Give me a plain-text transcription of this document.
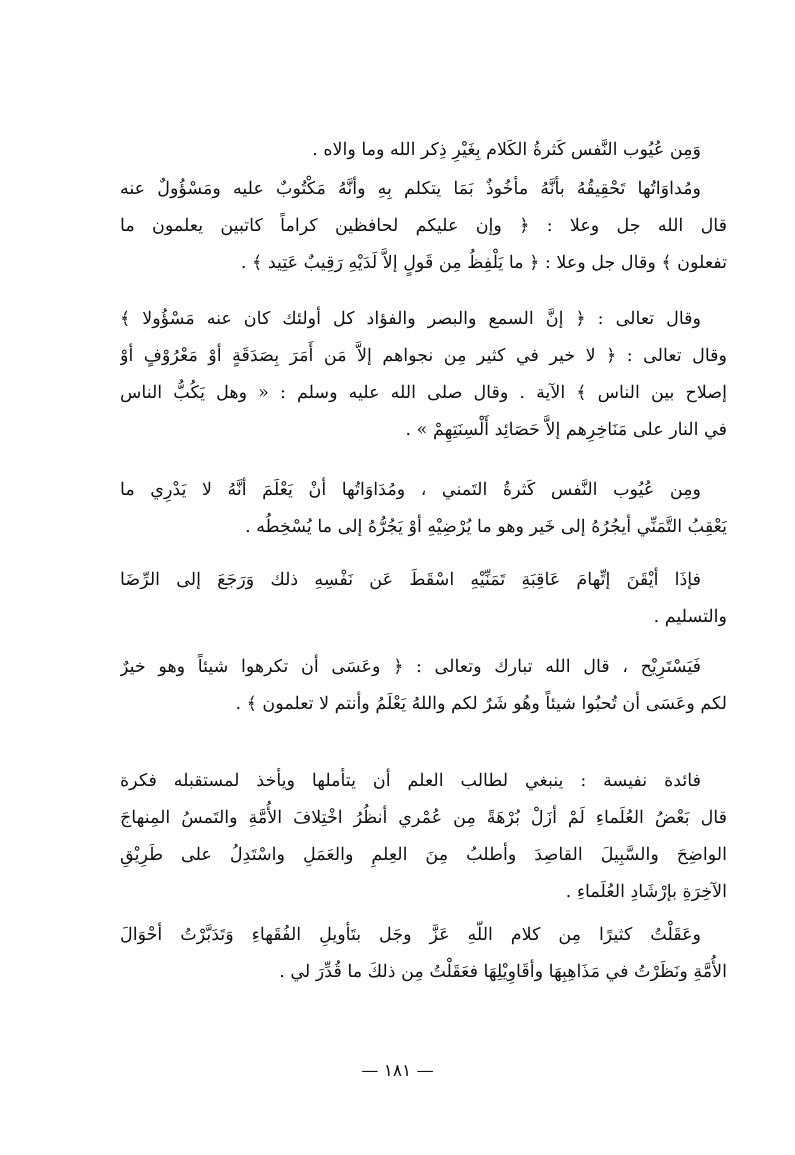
وَمِن عُيُوب النَّفس كَثرةُ الكَلام بِغَيْرِ ذِكر الله وما والاه .
ومُداوَاتُها تَحْقِيقُهُ بأنَّهُ مأخُوذٌ بَمَا يتكلم بِهِ وأنَّهُ مَكْتُوبٌ عليه ومَسْؤُولٌ عنه
قال الله جل وعلا : ﴿ وإن عليكم لحافظين كراماً كاتبين يعلمون ما
تفعلون ﴾ وقال جل وعلا : ﴿ ما يَلْفِظُ مِن قَولٍ إلاَّ لَدَيْهِ رَقِيبٌ عَتِيد ﴾ .
وقال تعالى : ﴿ إنَّ السمع والبصر والفؤاد كل أولئك كان عنه مَسْؤُولا ﴾
وقال تعالى : ﴿ لا خير في كثير مِن نجواهم إلاَّ مَن أَمَرَ بِصَدَقَةٍ أوْ مَعْرُوْفٍ أوْ
إصلاح بين الناس ﴾ الآية . وقال صلى الله عليه وسلم : « وهل يَكُبُّ الناس
في النار على مَنَاخِرِهم إلاَّ حَصَائِد أَلْسِنَتِهِمْ » .
ومِن عُيُوب النَّفس كَثرةُ التَمني ، ومُدَاوَاتُها أنْ يَعْلَمَ أنَّهُ لا يَدْرِي ما
يَعْقِبُ التَّمَنِّي أيجُرُهُ إلى خَير وهو ما يُرْضِيْهِ أوْ يَجُرُّهُ إلى ما يُسْخِطُه .
فإذَا أيْقَنَ إتِّهامَ عَاقِبَةِ تَمَنِّيْهِ اسْقَطَ عَن نَفْسِهِ ذلك وَرَجَعَ إلى الرِّضَا
والتسليم .
فَيَسْتَرِيْح ، قال الله تبارك وتعالى : ﴿ وعَسَى أن تكرهوا شيئاً وهو خيرٌ
لكم وعَسَى أن تُحبُوا شيئاً وهُو شَرٌ لكم واللهُ يَعْلَمُ وأنتم لا تعلمون ﴾ .
فائدة نفيسة : ينبغي لطالب العلم أن يتأملها ويأخذ لمستقبله فكرة
قال بَعْضُ العُلَماءِ لَمْ أزَلْ بُرْهَةً مِن عُمْري أنظُرُ اخْتِلافَ الأُمَّةِ والتَمسُ المِنهاجَ
الواضِحَ والسَّبِيلَ القاصِدَ وأطلبُ مِنَ العِلمِ والعَمَلِ واسْتَدِلُ على طَرِيْقِ
الآخِرَةِ بإرْشَادِ العُلَماءِ .
وعَقَلْتُ كثيرًا مِن كلام اللّهِ عَزَّ وجَل بتَأويلِ الفُقَهاءِ وَتَدَبَّرْتُ أحْوَالَ
الأُمَّةِ ونَظَرْتُ في مَذَاهِبِهَا وأقَاوِيْلِهَا فعَقَلْتُ مِن ذلكَ ما قُدِّرَ لي .
— ١٨١ —
